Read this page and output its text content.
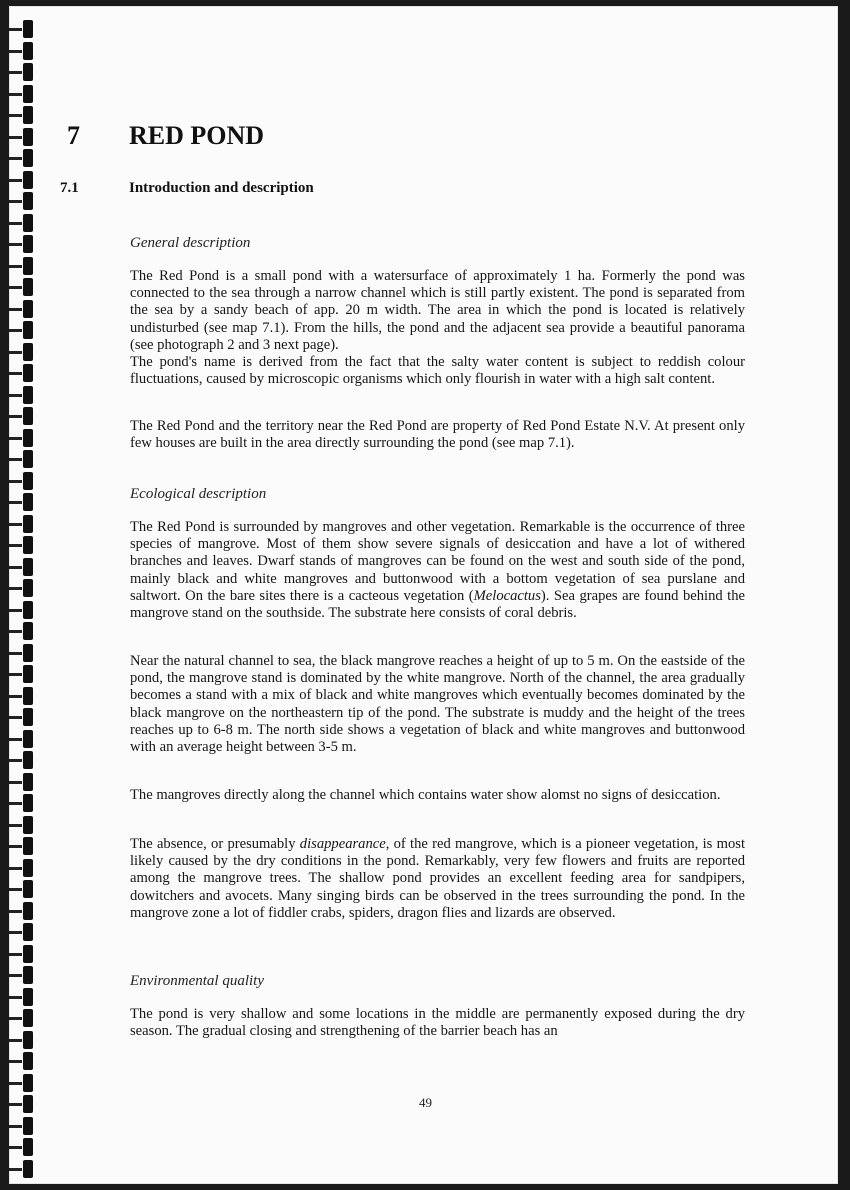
7 RED POND
7.1	Introduction and description

General description

The Red Pond is a small pond with a watersurface of approximately 1 ha. Formerly the pond was connected to the sea through a narrow channel which is still partly existent. The pond is separated from the sea by a sandy beach of app. 20 m width. The area in which the pond is located is relatively undisturbed (see map 7.1). From the hills, the pond and the adjacent sea provide a beautiful panorama (see photograph 2 and 3 next page).

The pond's name is derived from the fact that the salty water content is subject to reddish colour fluctuations, caused by microscopic organisms which only flourish in water with a high salt content.

The Red Pond and the territory near the Red Pond are property of Red Pond Estate N.V. At present only few houses are built in the area directly surrounding the pond (see map 7.1).

Ecological description

The Red Pond is surrounded by mangroves and other vegetation. Remarkable is the occurrence of three species of mangrove. Most of them show severe signals of desiccation and have a lot of withered branches and leaves. Dwarf stands of mangroves can be found on the west and south side of the pond, mainly black and white mangroves and buttonwood with a bottom vegetation of sea purslane and saltwort. On the bare sites there is a cacteous vegetation (Melocactus). Sea grapes are found behind the mangrove stand on the southside. The substrate here consists of coral debris.

Near the natural channel to sea, the black mangrove reaches a height of up to 5 m. On the eastside of the pond, the mangrove stand is dominated by the white mangrove. North of the channel, the area gradually becomes a stand with a mix of black and white mangroves which eventually becomes dominated by the black mangrove on the northeastern tip of the pond. The substrate is muddy and the height of the trees reaches up to 6-8 m. The north side shows a vegetation of black and white mangroves and buttonwood with an average height between 3-5 m.

The mangroves directly along the channel which contains water show alomst no signs of desiccation.

The absence, or presumably disappearance, of the red mangrove, which is a pioneer vegetation, is most likely caused by the dry conditions in the pond. Remarkably, very few flowers and fruits are reported among the mangrove trees. The shallow pond provides an excellent feeding area for sandpipers, dowitchers and avocets. Many singing birds can be observed in the trees surrounding the pond. In the mangrove zone a lot of fiddler crabs, spiders, dragon flies and lizards are observed.

Environmental quality

The pond is very shallow and some locations in the middle are permanently exposed during the dry season. The gradual closing and strengthening of the barrier beach has an

49
